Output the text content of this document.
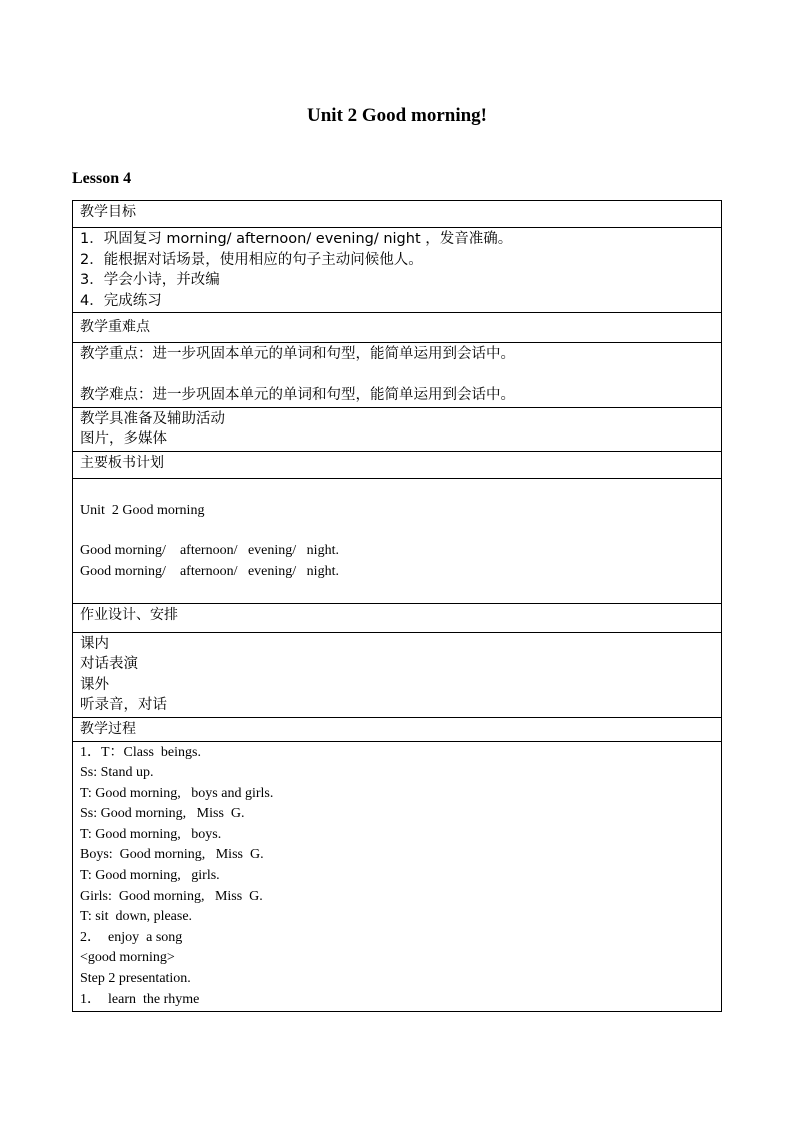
Unit 2 Good morning!
Lesson 4
教学目标

1．巩固复习 morning/ afternoon/ evening/ night ，发音准确。
2．能根据对话场景，使用相应的句子主动问候他人。
3．学会小诗，并改编
4．完成练习

教学重难点

教学重点：进一步巩固本单元的单词和句型，能简单运用到会话中。
教学难点：进一步巩固本单元的单词和句型，能简单运用到会话中。

教学具准备及辅助活动
图片，多媒体

主要板书计划

Unit  2 Good morning
Good morning/    afternoon/   evening/   night.
Good morning/    afternoon/   evening/   night.

作业设计、安排

课内
对话表演
课外
听录音，对话

教学过程

1．T：Class  beings.
Ss: Stand up.
T: Good morning,   boys and girls.
Ss: Good morning,   Miss  G.
T: Good morning,   boys.
Boys:  Good morning,   Miss  G.
T: Good morning,   girls.
Girls:  Good morning,   Miss  G.
T: sit  down, please.
2．  enjoy  a song
<good morning>
Step 2 presentation.
1．  learn  the rhyme
